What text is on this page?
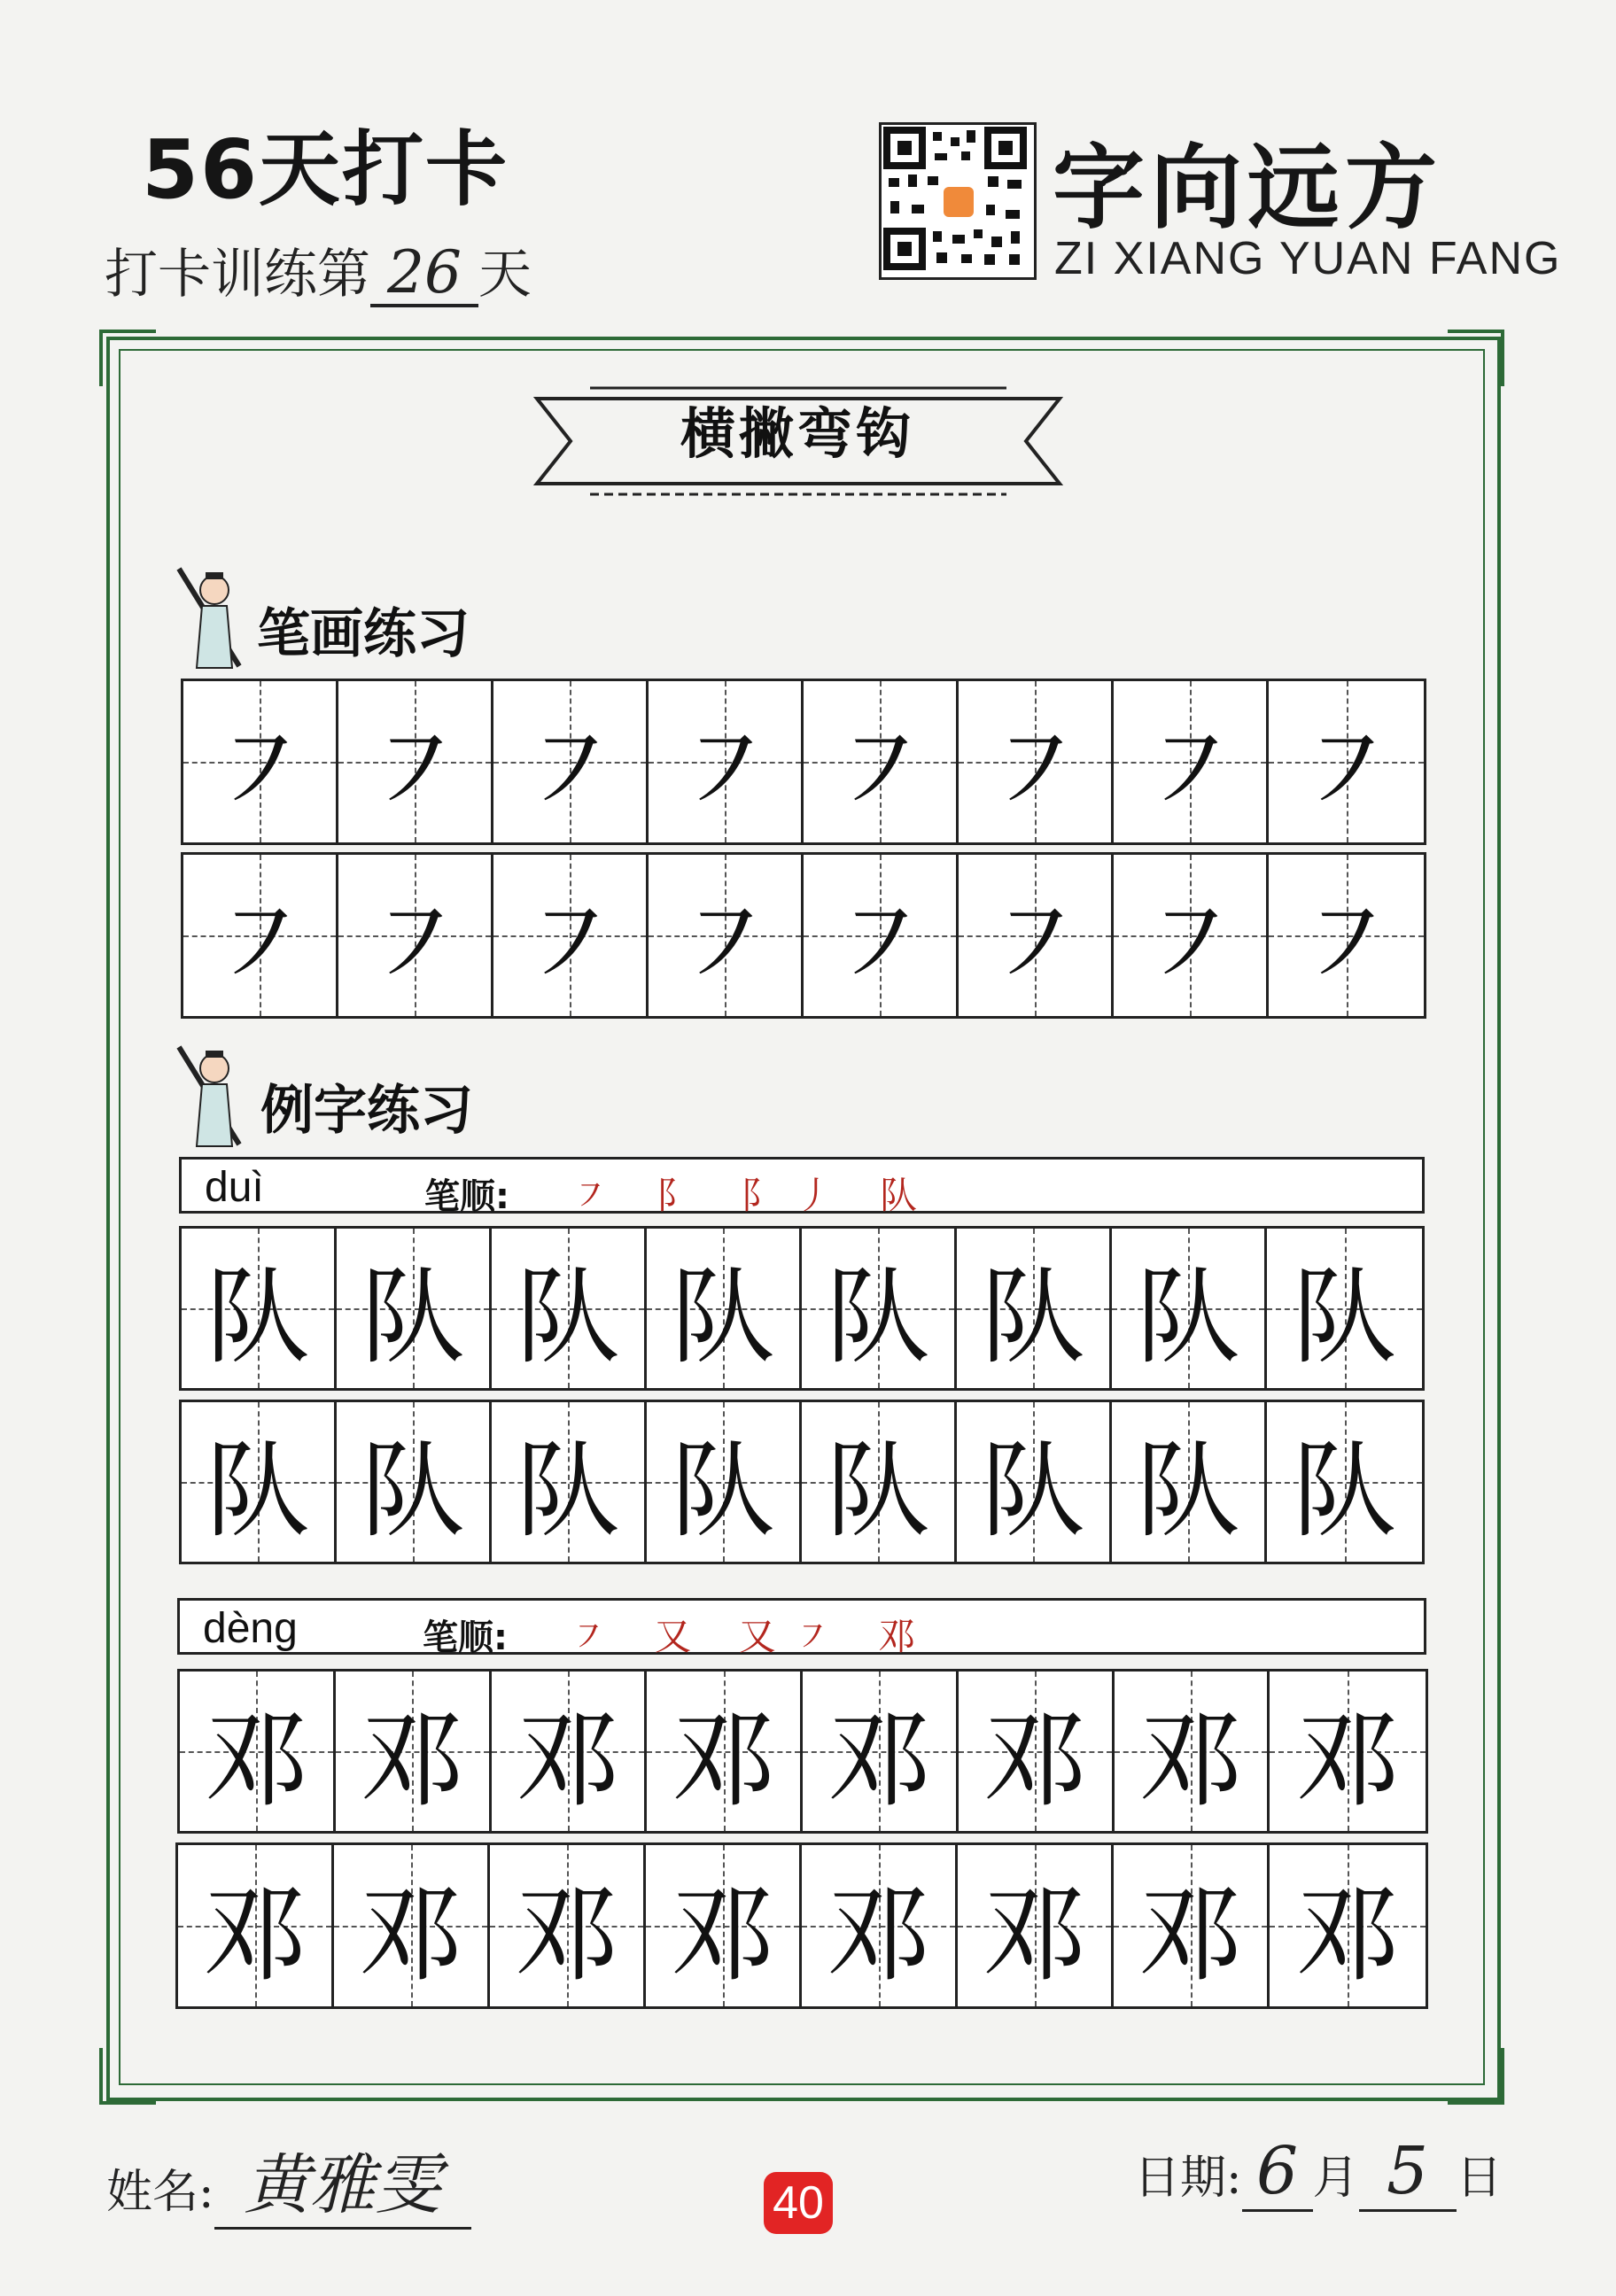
56天打卡
打卡训练第 26 天
字向远方
ZI XIANG YUAN FANG
横撇弯钩
笔画练习
㇇ ㇇ ㇇ ㇇ ㇇ ㇇ ㇇ ㇇
㇇ ㇇ ㇇ ㇇ ㇇ ㇇ ㇇ ㇇
例字练习
duì	笔顺: ㇇ 阝 阝丿 队
队 队 队 队 队 队 队 队
队 队 队 队 队 队 队 队
dèng	笔顺: ㇇ 又 又㇇ 邓
邓 邓 邓 邓 邓 邓 邓 邓
邓 邓 邓 邓 邓 邓 邓 邓
姓名: 黄雅雯	40	日期: 6 月 5 日
